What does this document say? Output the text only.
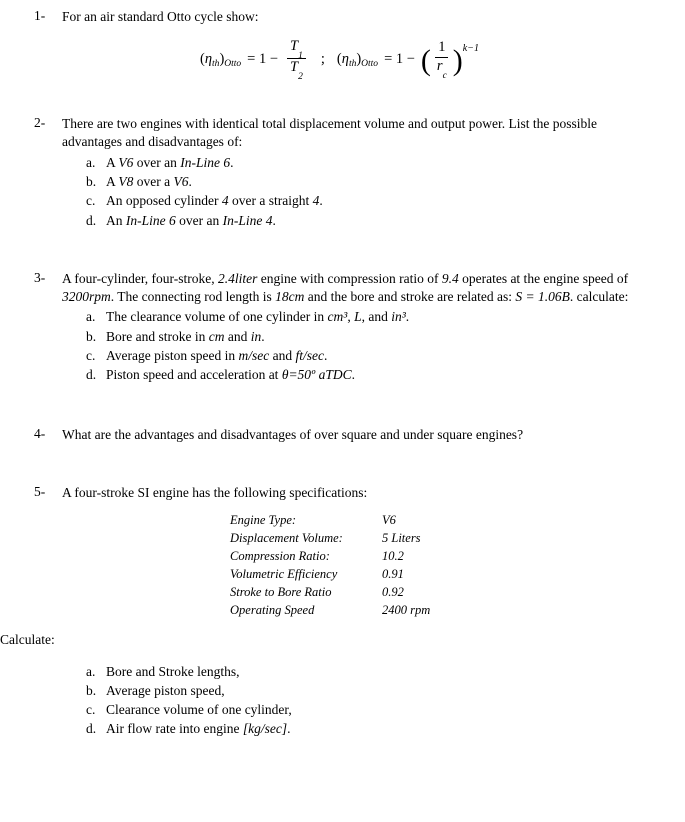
1-	For an air standard Otto cycle show:
( η th ) Otto = $1 - \frac{T_1}{T_2}$ ; ( η th ) Otto = 1 − ( $\frac{1}{r_c}$ ) k−1
2-	There are two engines with identical total displacement volume and output power. List the possible advantages and disadvantages of:
a. A V6 over an In-Line 6.
b. A V8 over a V6.
c. An opposed cylinder 4 over a straight 4.
d. An In-Line 6 over an In-Line 4.
3-	A four-cylinder, four-stroke, 2.4liter engine with compression ratio of 9.4 operates at the engine speed of 3200rpm. The connecting rod length is 18cm and the bore and stroke are related as: S = 1.06B. calculate:
a. The clearance volume of one cylinder in cm³, L, and in³.
b. Bore and stroke in cm and in.
c. Average piston speed in m/sec and ft/sec.
d. Piston speed and acceleration at θ=50º aTDC.
4-	What are the advantages and disadvantages of over square and under square engines?
5-	A four-stroke SI engine has the following specifications:
Engine Type:	V6
Displacement Volume:	5 Liters
Compression Ratio:	10.2
Volumetric Efficiency	0.91
Stroke to Bore Ratio	0.92
Operating Speed	2400 rpm
Calculate:
a. Bore and Stroke lengths,
b. Average piston speed,
c. Clearance volume of one cylinder,
d. Air flow rate into engine [kg/sec].
